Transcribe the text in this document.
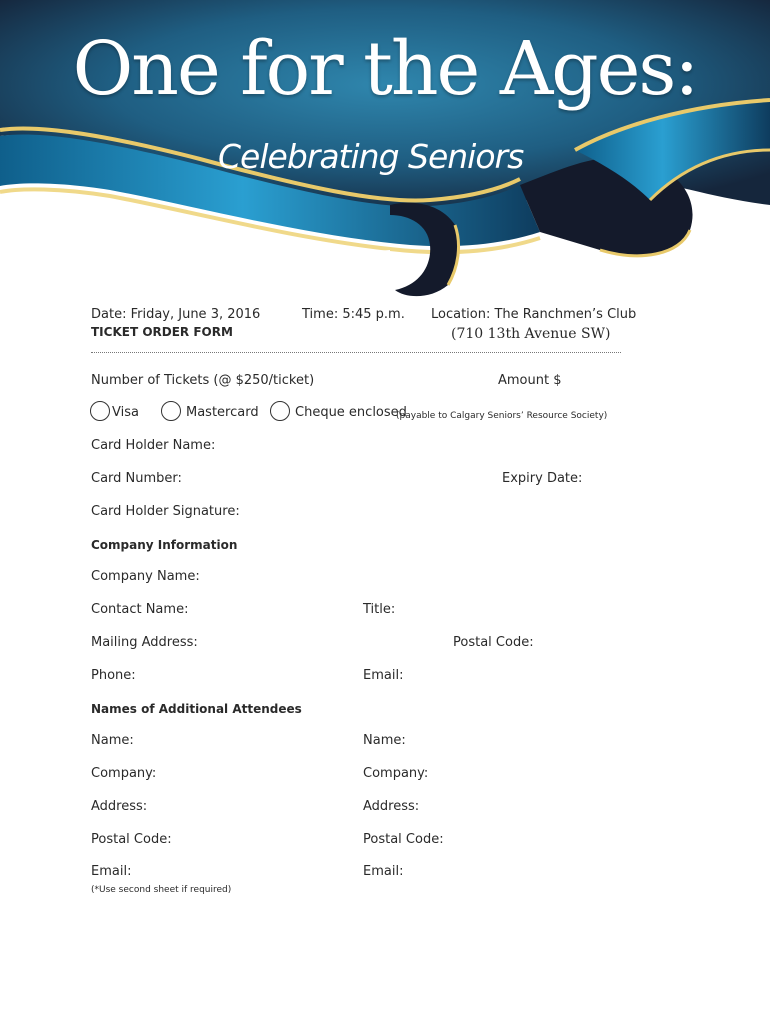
One for the Ages:
Celebrating Seniors
Date: Friday, June 3, 2016
TICKET ORDER FORM
Time: 5:45 p.m. Location: The Ranchmen’s Club
(710 13th Avenue SW)
Number of Tickets (@ $250/ticket)	Amount $
Visa	Mastercard	Cheque enclosed
(payable to Calgary Seniors’ Resource Society)
Card Holder Name:
Card Number:	Expiry Date:
Card Holder Signature:
Company Information
Company Name:
Contact Name:	Title:
Mailing Address:	Postal Code:
Phone:	Email:
Names of Additional Attendees
Name:	Name:
Company:	Company:
Address:	Address:
Postal Code:	Postal Code:
Email:	Email:
(*Use second sheet if required)
